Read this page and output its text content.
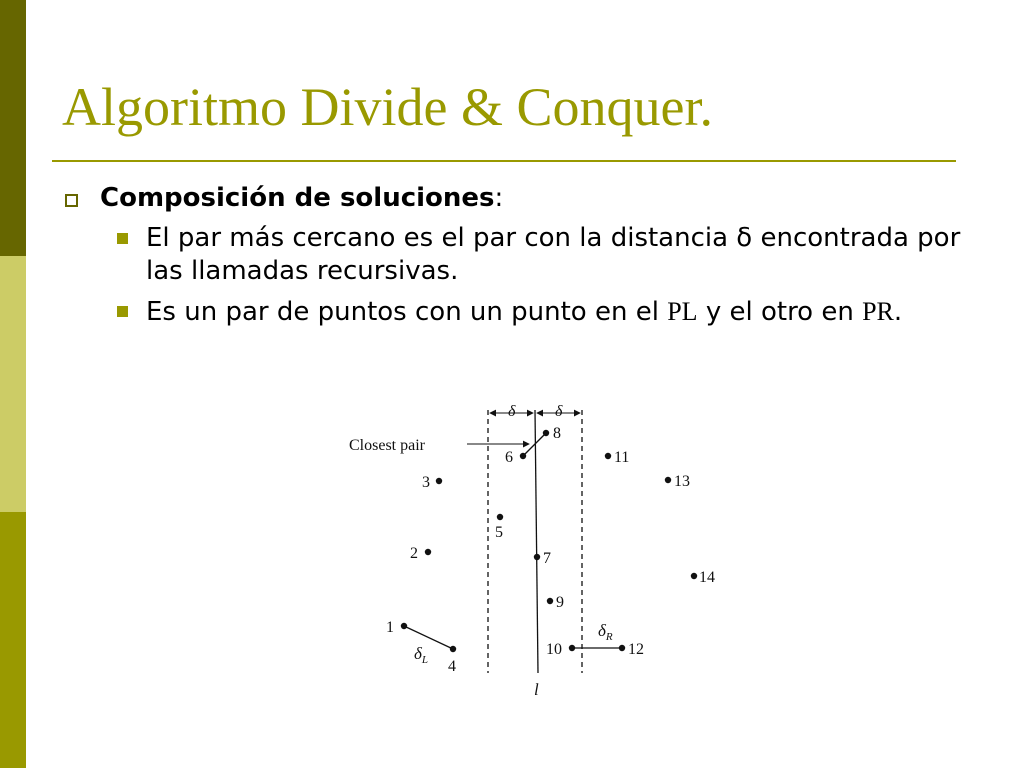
Algoritmo Divide & Conquer.
Composición de soluciones:
El par más cercano es el par con la distancia δ encontrada por las llamadas recursivas.
Es un par de puntos con un punto en el PL y el otro en PR.
δ δ
Closest pair
1
2
3
4
5
6
7
8
9
10
11
12
13
14
$\delta_L$
$\delta_R$
l
